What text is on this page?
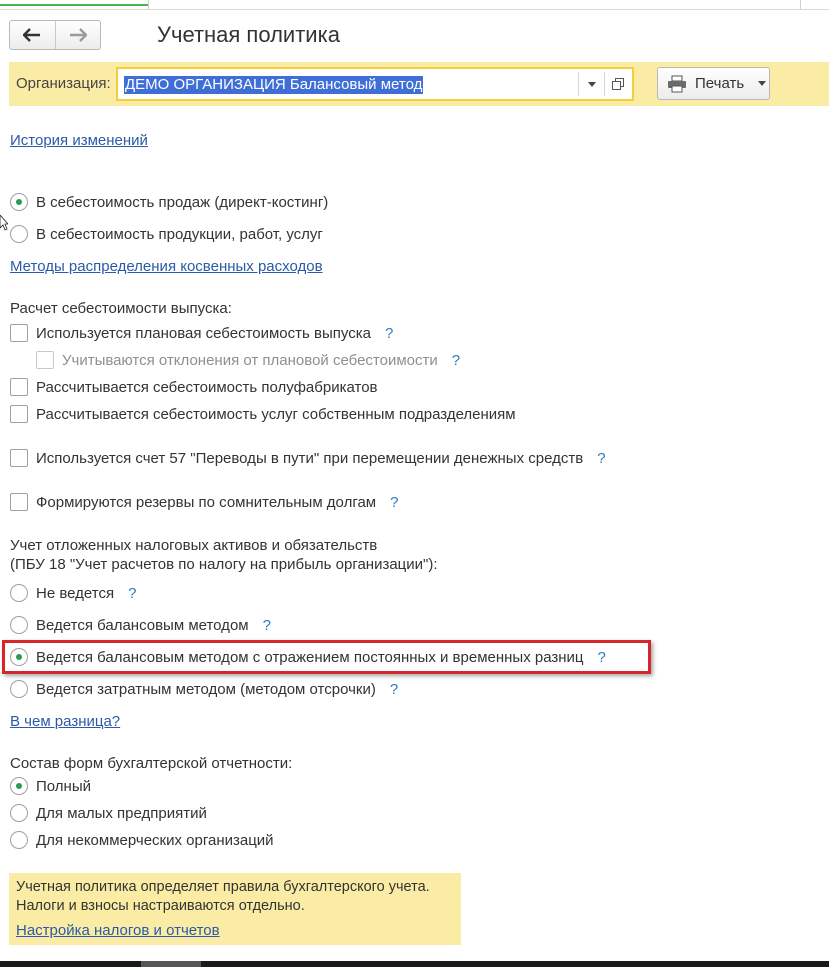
Учетная политика
Организация: ДЕМО ОРГАНИЗАЦИЯ Балансовый метод	Печать
История изменений
В себестоимость продаж (директ-костинг)
В себестоимость продукции, работ, услуг
Методы распределения косвенных расходов
Расчет себестоимости выпуска:
Используется плановая себестоимость выпуска ?
Учитываются отклонения от плановой себестоимости ?
Рассчитывается себестоимость полуфабрикатов
Рассчитывается себестоимость услуг собственным подразделениям
Используется счет 57 "Переводы в пути" при перемещении денежных средств ?
Формируются резервы по сомнительным долгам ?
Учет отложенных налоговых активов и обязательств
(ПБУ 18 "Учет расчетов по налогу на прибыль организации"):
Не ведется ?
Ведется балансовым методом ?
Ведется балансовым методом с отражением постоянных и временных разниц ?
Ведется затратным методом (методом отсрочки) ?
В чем разница?
Состав форм бухгалтерской отчетности:
Полный
Для малых предприятий
Для некоммерческих организаций
Учетная политика определяет правила бухгалтерского учета.
Налоги и взносы настраиваются отдельно.
Настройка налогов и отчетов
